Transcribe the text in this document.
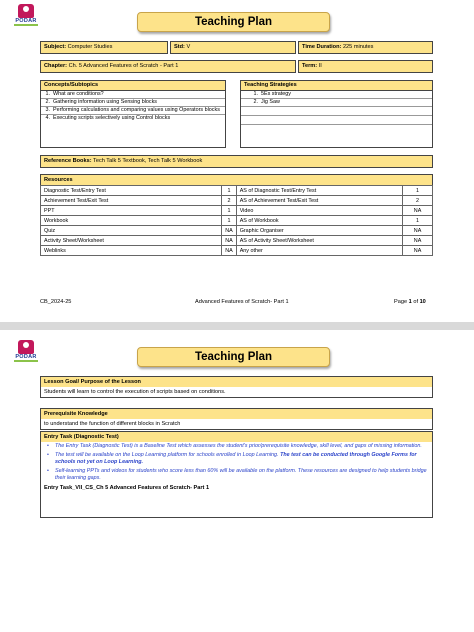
PODAR	Teaching Plan
Subject: Computer Studies	Std: V	Time Duration: 225 minutes
Chapter: Ch. 5 Advanced Features of Scratch - Part 1	Term: II
Concepts/Subtopics
1. What are conditions?
2. Gathering information using Sensing blocks
3. Performing calculations and comparing values using Operators blocks
4. Executing scripts selectively using Control blocks
Teaching Strategies
1. 5Es strategy
2. Jig Saw
Reference Books: Tech Talk 5 Textbook, Tech Talk 5 Workbook
Resources
Diagnostic Test/Entry Test	1	AS of Diagnostic Test/Entry Test	1
Achievement Test/Exit Test	2	AS of Achievement Test/Exit Test	2
PPT	1	Video	NA
Workbook	1	AS of Workbook	1
Quiz	NA	Graphic Organiser	NA
Activity Sheet/Worksheet	NA	AS of Activity Sheet/Worksheet	NA
Weblinks	NA	Any other	NA
CB_2024-25	Advanced Features of Scratch- Part 1	Page 1 of 10
PODAR	Teaching Plan
Lesson Goal/ Purpose of the Lesson
Students will learn to control the execution of scripts based on conditions.
Prerequisite Knowledge
to understand the function of different blocks in Scratch
Entry Task (Diagnostic Test)
• The Entry Task (Diagnostic Test) is a Baseline Test which assesses the student's prior/prerequisite knowledge, skill level, and gaps of missing information.
• The test will be available on the Loop Learning platform for schools enrolled in Loop Learning. The test can be conducted through Google Forms for schools not yet on Loop Learning.
• Self-learning PPTs and videos for students who score less than 60% will be available on the platform. These resources are designed to help students bridge their learning gaps.
Entry Task_VII_CS_Ch 5 Advanced Features of Scratch- Part 1
